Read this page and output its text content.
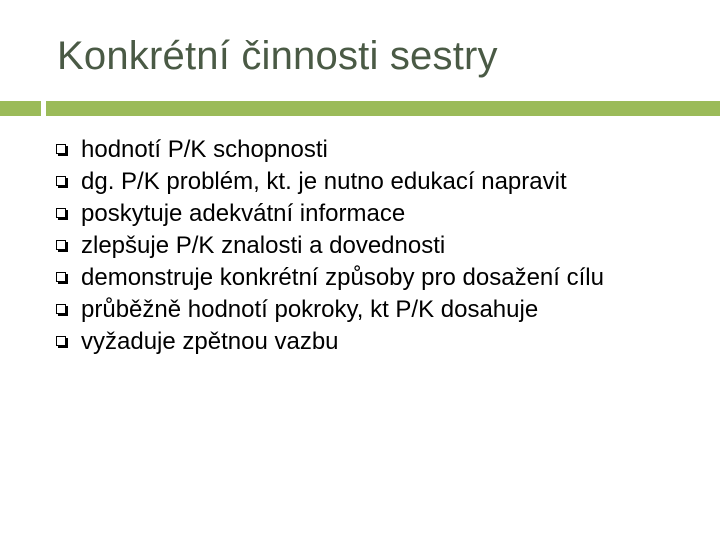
Konkrétní činnosti sestry
hodnotí P/K schopnosti
dg. P/K problém, kt. je nutno edukací napravit
poskytuje adekvátní informace
zlepšuje P/K znalosti a dovednosti
demonstruje konkrétní způsoby pro dosažení cílu
průběžně hodnotí pokroky, kt P/K dosahuje
vyžaduje zpětnou vazbu
